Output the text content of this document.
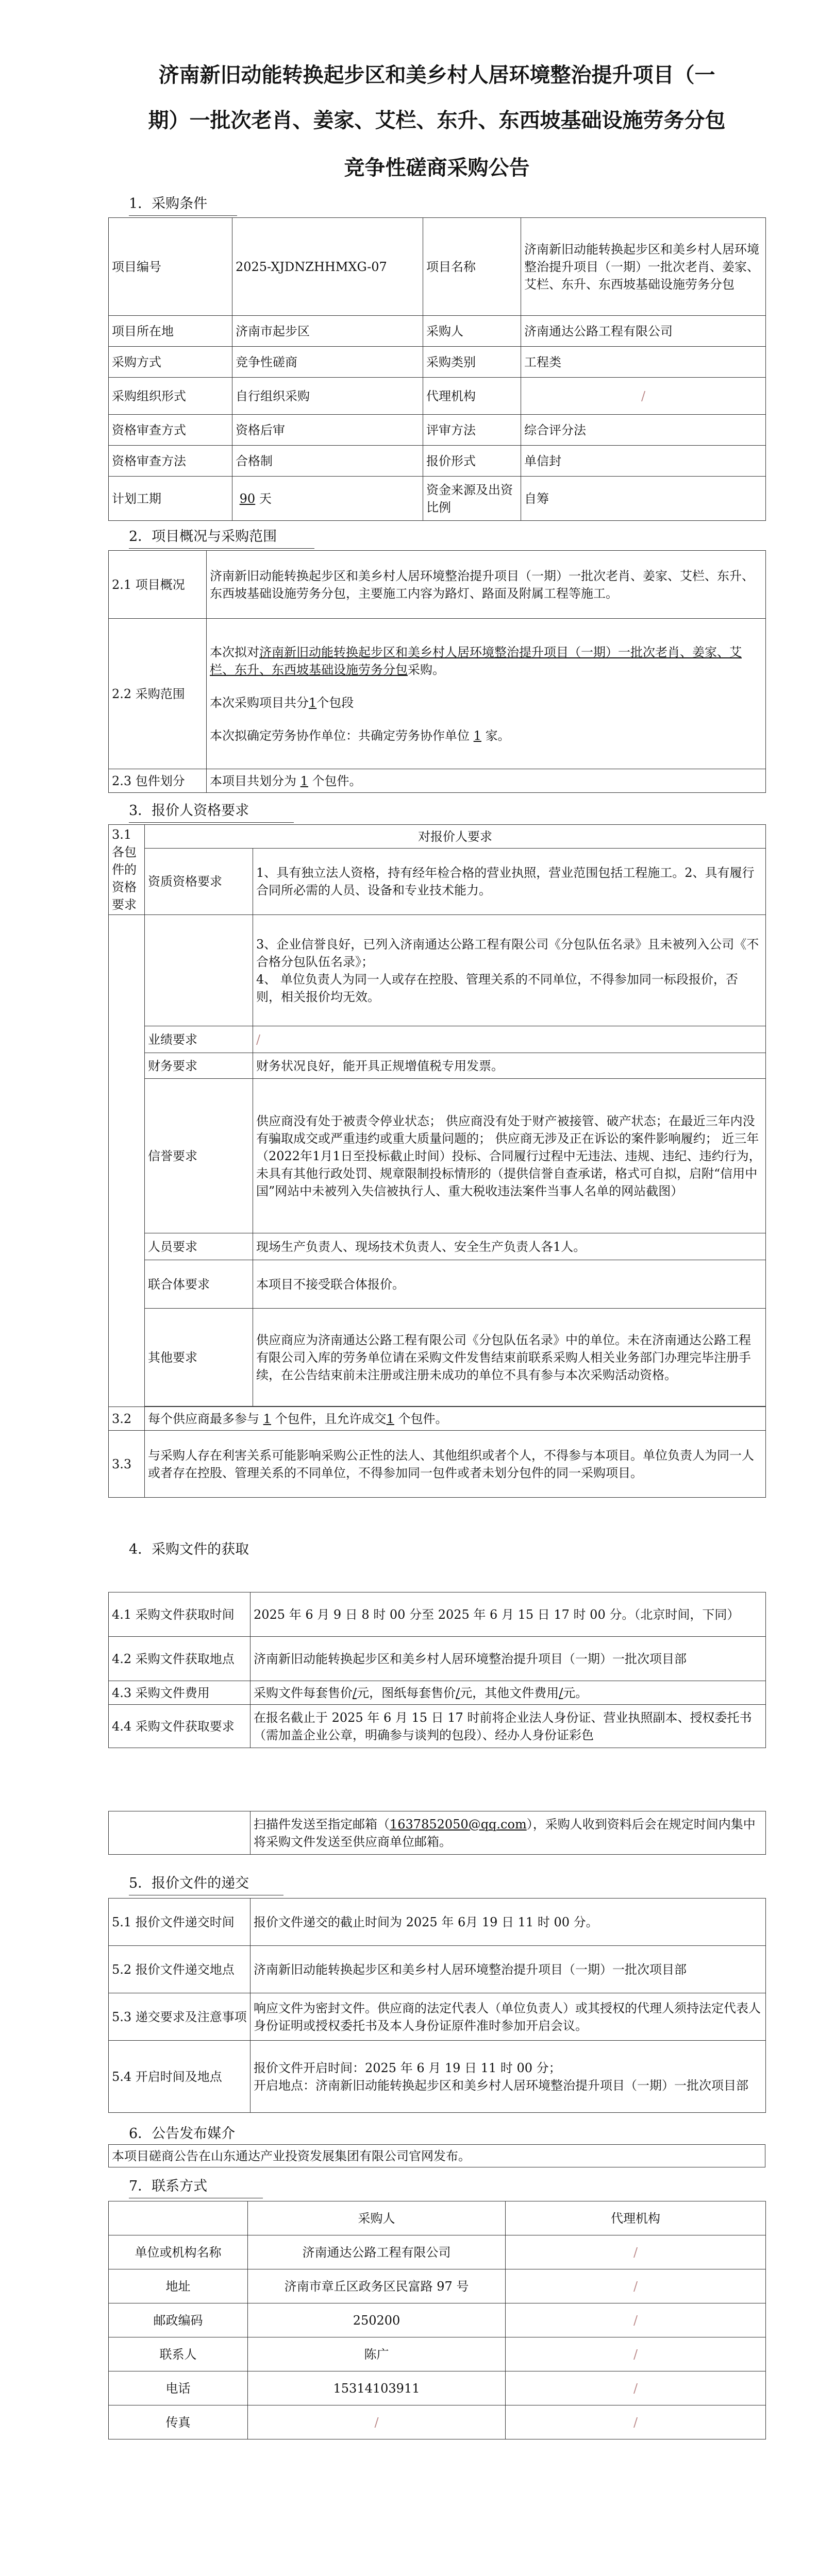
济南新旧动能转换起步区和美乡村人居环境整治提升项目（一
期）一批次老肖、姜家、艾栏、东升、东西坡基础设施劳务分包
竞争性磋商采购公告
1．采购条件
项目编号	2025-XJDNZHHMXG-07	项目名称	济南新旧动能转换起步区和美乡村人居环境整治提升项目（一期）一批次老肖、姜家、艾栏、东升、东西坡基础设施劳务分包
项目所在地	济南市起步区	采购人	济南通达公路工程有限公司
采购方式	竞争性磋商	采购类别	工程类
采购组织形式	自行组织采购	代理机构	/
资格审查方式	资格后审	评审方法	综合评分法
资格审查方法	合格制	报价形式	单信封
计划工期	90 天	资金来源及出资比例	自筹
2．项目概况与采购范围
2.1 项目概况	济南新旧动能转换起步区和美乡村人居环境整治提升项目（一期）一批次老肖、姜家、艾栏、东升、东西坡基础设施劳务分包，主要施工内容为路灯、路面及附属工程等施工。
2.2 采购范围	本次拟对济南新旧动能转换起步区和美乡村人居环境整治提升项目（一期）一批次老肖、姜家、艾栏、东升、东西坡基础设施劳务分包采购。
本次采购项目共分1个包段
本次拟确定劳务协作单位：共确定劳务协作单位 1 家。

2.3 包件划分	本项目共划分为 1 个包件。
3．报价人资格要求
3.1 各包件的资格要求	对报价人要求	
	资质资格要求	1、具有独立法人资格，持有经年检合格的营业执照，营业范围包括工程施工。2、具有履行合同所必需的人员、设备和专业技术能力。

		3、企业信誉良好，已列入济南通达公路工程有限公司《分包队伍名录》且未被列入公司《不合格分包队伍名录》；
4、 单位负责人为同一人或存在控股、管理关系的不同单位，不得参加同一标段报价，否则，相关报价均无效。

	业绩要求	/
	财务要求	财务状况良好，能开具正规增值税专用发票。
	信誉要求	供应商没有处于被责令停业状态； 供应商没有处于财产被接管、破产状态；在最近三年内没有骗取成交或严重违约或重大质量问题的； 供应商无涉及正在诉讼的案件影响履约； 近三年（2022年1月1日至投标截止时间）投标、合同履行过程中无违法、违规、违纪、违约行为，未具有其他行政处罚、规章限制投标情形的（提供信誉自查承诺，格式可自拟，启附“信用中国”网站中未被列入失信被执行人、重大税收违法案件当事人名单的网站截图）
	人员要求	现场生产负责人、现场技术负责人、安全生产负责人各1人。
	联合体要求	本项目不接受联合体报价。
	其他要求	供应商应为济南通达公路工程有限公司《分包队伍名录》中的单位。未在济南通达公路工程有限公司入库的劳务单位请在采购文件发售结束前联系采购人相关业务部门办理完毕注册手续，在公告结束前未注册或注册未成功的单位不具有参与本次采购活动资格。

3.2	每个供应商最多参与 1 个包件，且允许成交1 个包件。	
3.3	与采购人存在利害关系可能影响采购公正性的法人、其他组织或者个人，不得参与本项目。单位负责人为同一人或者存在控股、管理关系的不同单位，不得参加同一包件或者未划分包件的同一采购项目。	
4．采购文件的获取
4.1 采购文件获取时间	2025 年 6 月 9 日 8 时 00 分至 2025 年 6 月 15 日 17 时 00 分。（北京时间，下同）
4.2 采购文件获取地点	济南新旧动能转换起步区和美乡村人居环境整治提升项目（一期）一批次项目部
4.3 采购文件费用	采购文件每套售价/元，图纸每套售价/元，其他文件费用/元。
4.4 采购文件获取要求	在报名截止于 2025 年 6 月 15 日 17 时前将企业法人身份证、营业执照副本、授权委托书（需加盖企业公章，明确参与谈判的包段）、经办人身份证彩色
	扫描件发送至指定邮箱（1637852050@qq.com），采购人收到资料后会在规定时间内集中将采购文件发送至供应商单位邮箱。
5．报价文件的递交
5.1 报价文件递交时间	报价文件递交的截止时间为 2025 年 6月 19 日 11 时 00 分。
5.2 报价文件递交地点	济南新旧动能转换起步区和美乡村人居环境整治提升项目（一期）一批次项目部
5.3 递交要求及注意事项	响应文件为密封文件。供应商的法定代表人（单位负责人）或其授权的代理人须持法定代表人身份证明或授权委托书及本人身份证原件准时参加开启会议。
5.4 开启时间及地点	报价文件开启时间：2025 年 6 月 19 日 11 时 00 分；
开启地点：济南新旧动能转换起步区和美乡村人居环境整治提升项目（一期）一批次项目部
6．公告发布媒介
本项目磋商公告在山东通达产业投资发展集团有限公司官网发布。
7．联系方式
	采购人	代理机构
单位或机构名称	济南通达公路工程有限公司	/
地址	济南市章丘区政务区民富路 97 号	/
邮政编码	250200	/
联系人	陈广	/
电话	15314103911	/
传真	/	/
